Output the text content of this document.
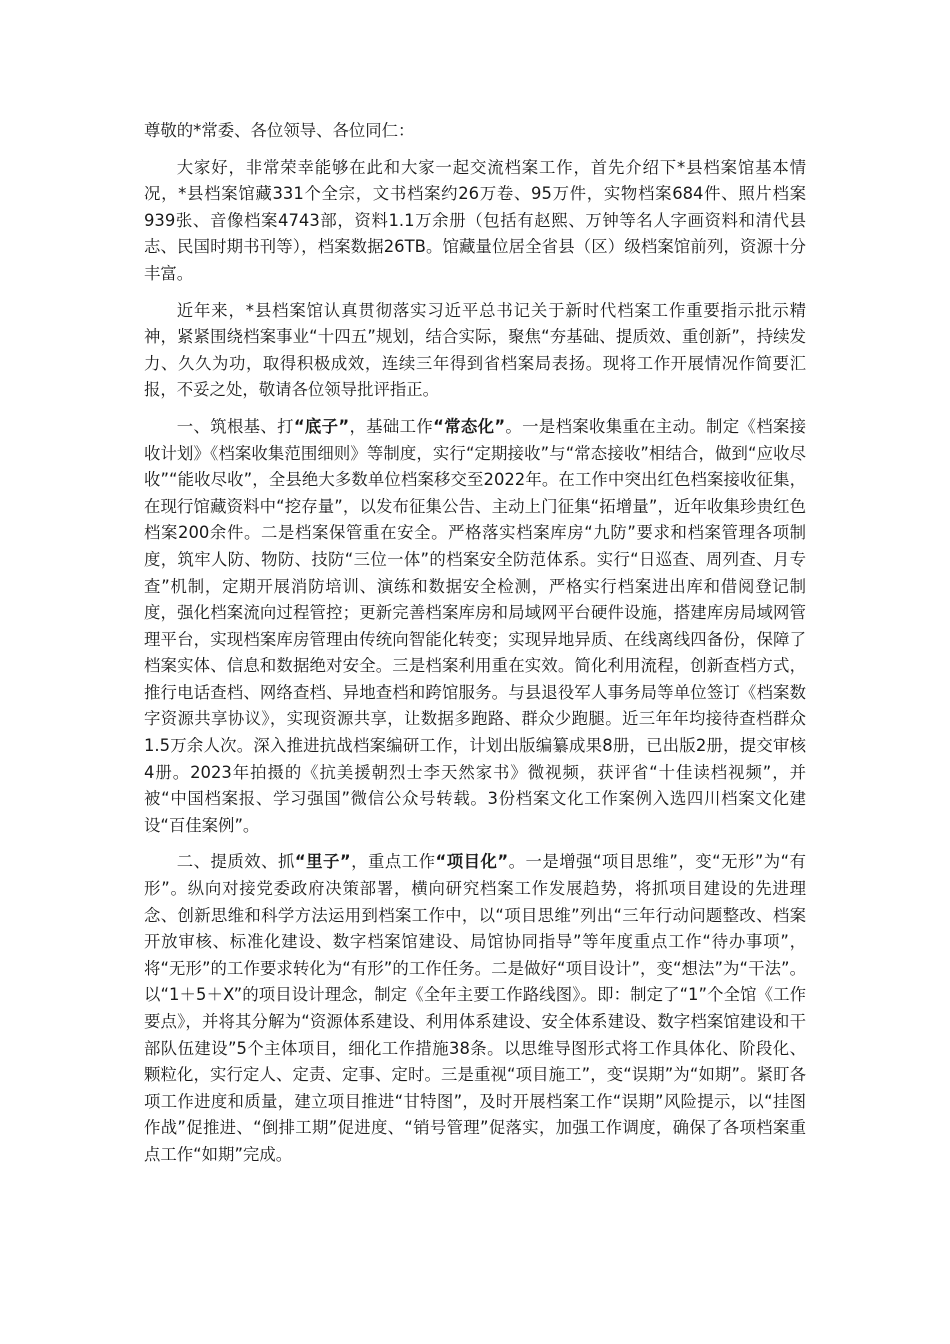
尊敬的*常委、各位领导、各位同仁：

大家好，非常荣幸能够在此和大家一起交流档案工作，首先介绍下*县档案馆基本情况，*县档案馆藏331个全宗，文书档案约26万卷、95万件，实物档案684件、照片档案939张、音像档案4743部，资料1.1万余册（包括有赵熙、万钟等名人字画资料和清代县志、民国时期书刊等），档案数据26TB。馆藏量位居全省县（区）级档案馆前列，资源十分丰富。

近年来，*县档案馆认真贯彻落实习近平总书记关于新时代档案工作重要指示批示精神，紧紧围绕档案事业“十四五”规划，结合实际，聚焦“夯基础、提质效、重创新”，持续发力、久久为功，取得积极成效，连续三年得到省档案局表扬。现将工作开展情况作简要汇报，不妥之处，敬请各位领导批评指正。

一、筑根基、打“底子”，基础工作“常态化”。一是档案收集重在主动。制定《档案接收计划》《档案收集范围细则》等制度，实行“定期接收”与“常态接收”相结合，做到“应收尽收”“能收尽收”，全县绝大多数单位档案移交至2022年。在工作中突出红色档案接收征集，在现行馆藏资料中“挖存量”，以发布征集公告、主动上门征集“拓增量”，近年收集珍贵红色档案200余件。二是档案保管重在安全。严格落实档案库房“九防”要求和档案管理各项制度，筑牢人防、物防、技防“三位一体”的档案安全防范体系。实行“日巡查、周列查、月专查”机制，定期开展消防培训、演练和数据安全检测，严格实行档案进出库和借阅登记制度，强化档案流向过程管控；更新完善档案库房和局域网平台硬件设施，搭建库房局域网管理平台，实现档案库房管理由传统向智能化转变；实现异地异质、在线离线四备份，保障了档案实体、信息和数据绝对安全。三是档案利用重在实效。简化利用流程，创新查档方式，推行电话查档、网络查档、异地查档和跨馆服务。与县退役军人事务局等单位签订《档案数字资源共享协议》，实现资源共享，让数据多跑路、群众少跑腿。近三年年均接待查档群众1.5万余人次。深入推进抗战档案编研工作，计划出版编纂成果8册，已出版2册，提交审核4册。2023年拍摄的《抗美援朝烈士李天然家书》微视频，获评省“十佳读档视频”，并被“中国档案报、学习强国”微信公众号转载。3份档案文化工作案例入选四川档案文化建设“百佳案例”。

二、提质效、抓“里子”，重点工作“项目化”。一是增强“项目思维”，变“无形”为“有形”。纵向对接党委政府决策部署，横向研究档案工作发展趋势，将抓项目建设的先进理念、创新思维和科学方法运用到档案工作中，以“项目思维”列出“三年行动问题整改、档案开放审核、标准化建设、数字档案馆建设、局馆协同指导”等年度重点工作“待办事项”，将“无形”的工作要求转化为“有形”的工作任务。二是做好“项目设计”，变“想法”为“干法”。以“1＋5＋X”的项目设计理念，制定《全年主要工作路线图》。即：制定了“1”个全馆《工作要点》，并将其分解为“资源体系建设、利用体系建设、安全体系建设、数字档案馆建设和干部队伍建设”5个主体项目，细化工作措施38条。以思维导图形式将工作具体化、阶段化、颗粒化，实行定人、定责、定事、定时。三是重视“项目施工”，变“误期”为“如期”。紧盯各项工作进度和质量，建立项目推进“甘特图”，及时开展档案工作“误期”风险提示，以“挂图作战”促推进、“倒排工期”促进度、“销号管理”促落实，加强工作调度，确保了各项档案重点工作“如期”完成。
